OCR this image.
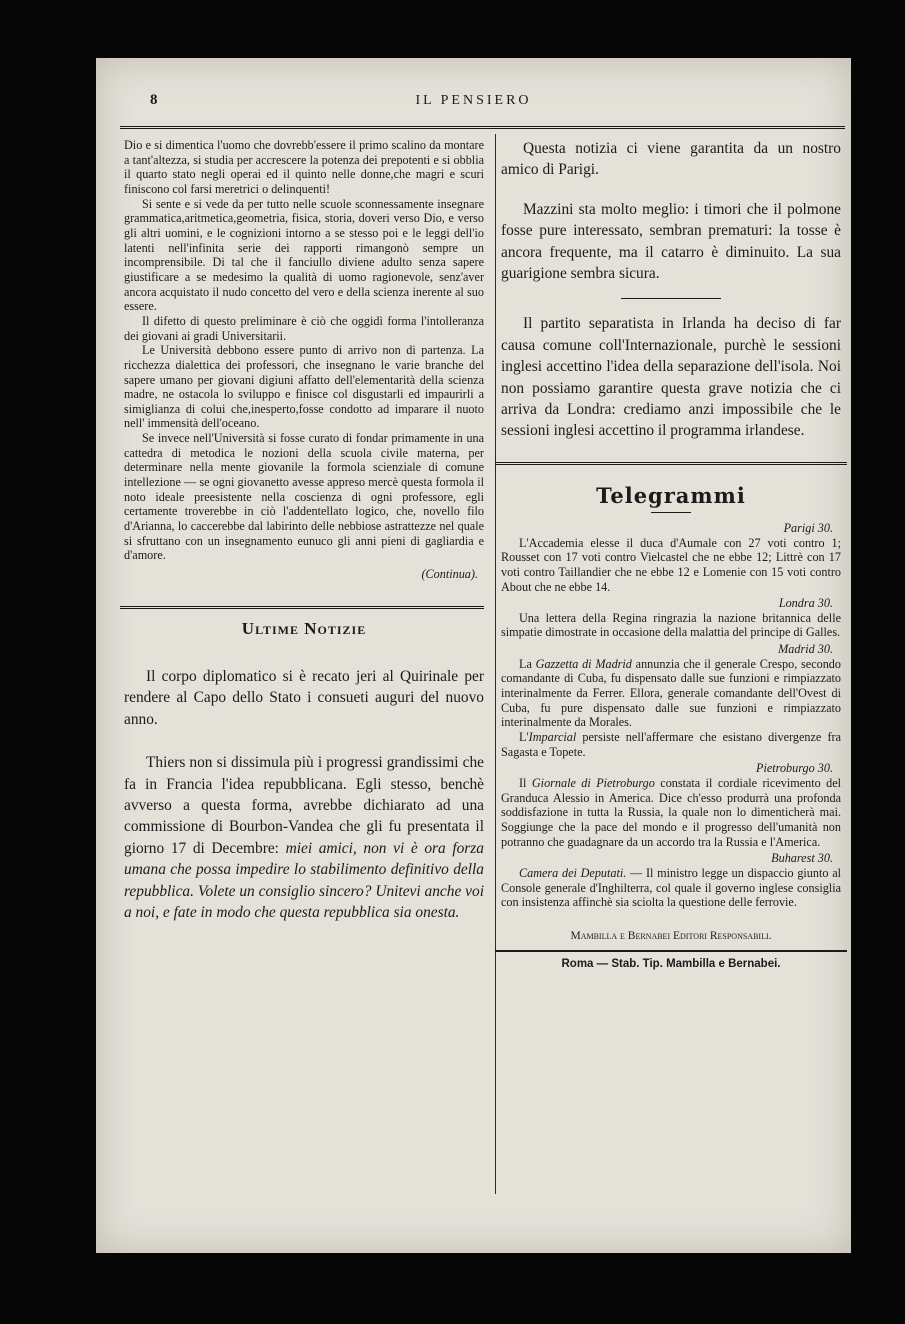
8	IL PENSIERO

Dio e si dimentica l'uomo che dovrebb'essere il primo scalino da montare a tant'altezza, si studia per accrescere la potenza dei prepotenti e si obblia il quarto stato negli operai ed il quinto nelle donne,che magri e scuri finiscono col farsi meretrici o delinquenti!

Si sente e si vede da per tutto nelle scuole sconnessamente insegnare grammatica,aritmetica,geometria, fisica, storia, doveri verso Dio, e verso gli altri uomini, e le cognizioni intorno a se stesso poi e le leggi dell'io latenti nell'infinita serie dei rapporti rimangonò sempre un incomprensibile. Di tal che il fanciullo diviene adulto senza sapere giustificare a se medesimo la qualità di uomo ragionevole, senz'aver ancora acquistato il nudo concetto del vero e della scienza inerente al suo essere.

Il difetto di questo preliminare è ciò che oggidì forma l'intolleranza dei giovani ai gradi Universitarii.

Le Università debbono essere punto di arrivo non di partenza. La ricchezza dialettica dei professori, che insegnano le varie branche del sapere umano per giovani digiuni affatto dell'elementarità della scienza madre, ne ostacola lo sviluppo e finisce col disgustarli ed impaurirli a simiglianza di colui che,inesperto,fosse condotto ad imparare il nuoto nell' immensità dell'oceano.

Se invece nell'Università si fosse curato di fondar primamente in una cattedra di metodica le nozioni della scuola civile materna, per determinare nella mente giovanile la formola scienziale di comune intellezione — se ogni giovanetto avesse appreso mercè questa formola il noto ideale preesistente nella coscienza di ogni professore, egli certamente troverebbe in ciò l'addentellato logico, che, novello filo d'Arianna, lo caccerebbe dal labirinto delle nebbiose astrattezze nel quale si sfruttano con un insegnamento eunuco gli anni pieni di gagliardia e d'amore.

(Continua).
Ultime Notizie

Il corpo diplomatico si è recato jeri al Quirinale per rendere al Capo dello Stato i consueti auguri del nuovo anno.

Thiers non si dissimula più i progressi grandissimi che fa in Francia l'idea repubblicana. Egli stesso, benchè avverso a questa forma, avrebbe dichiarato ad una commissione di Bourbon-Vandea che gli fu presentata il giorno 17 di Decembre: miei amici, non vi è ora forza umana che possa impedire lo stabilimento definitivo della repubblica. Volete un consiglio sincero? Unitevi anche voi a noi, e fate in modo che questa repubblica sia onesta.

Questa notizia ci viene garantita da un nostro amico di Parigi.

Mazzini sta molto meglio: i timori che il polmone fosse pure interessato, sembran prematuri: la tosse è ancora frequente, ma il catarro è diminuito. La sua guarigione sembra sicura.

Il partito separatista in Irlanda ha deciso di far causa comune coll'Internazionale, purchè le sessioni inglesi accettino l'idea della separazione dell'isola. Noi non possiamo garantire questa grave notizia che ci arriva da Londra: crediamo anzi impossibile che le sessioni inglesi accettino il programma irlandese.

Telegrammi
Parigi 30.

L'Accademia elesse il duca d'Aumale con 27 voti contro 1; Rousset con 17 voti contro Vielcastel che ne ebbe 12; Littrè con 17 voti contro Taillandier che ne ebbe 12 e Lomenie con 15 voti contro About che ne ebbe 14.

Londra 30.

Una lettera della Regina ringrazia la nazione britannica delle simpatie dimostrate in occasione della malattia del principe di Galles.

Madrid 30.

La Gazzetta di Madrid annunzia che il generale Crespo, secondo comandante di Cuba, fu dispensato dalle sue funzioni e rimpiazzato interinalmente da Ferrer. Ellora, generale comandante dell'Ovest di Cuba, fu pure dispensato dalle sue funzioni e rimpiazzato interinalmente da Morales.

L'Imparcial persiste nell'affermare che esistano divergenze fra Sagasta e Topete.

Pietroburgo 30.

Il Giornale di Pietroburgo constata il cordiale ricevimento del Granduca Alessio in America. Dice ch'esso produrrà una profonda soddisfazione in tutta la Russia, la quale non lo dimenticherà mai. Soggiunge che la pace del mondo e il progresso dell'umanità non potranno che guadagnare da un accordo tra la Russia e l'America.

Buharest 30.

Camera dei Deputati. — Il ministro legge un dispaccio giunto al Console generale d'Inghilterra, col quale il governo inglese consiglia con insistenza affinchè sia sciolta la questione delle ferrovie.

Mambilla e Bernabei Editori Responsabili.
Roma — Stab. Tip. Mambilla e Bernabei.
